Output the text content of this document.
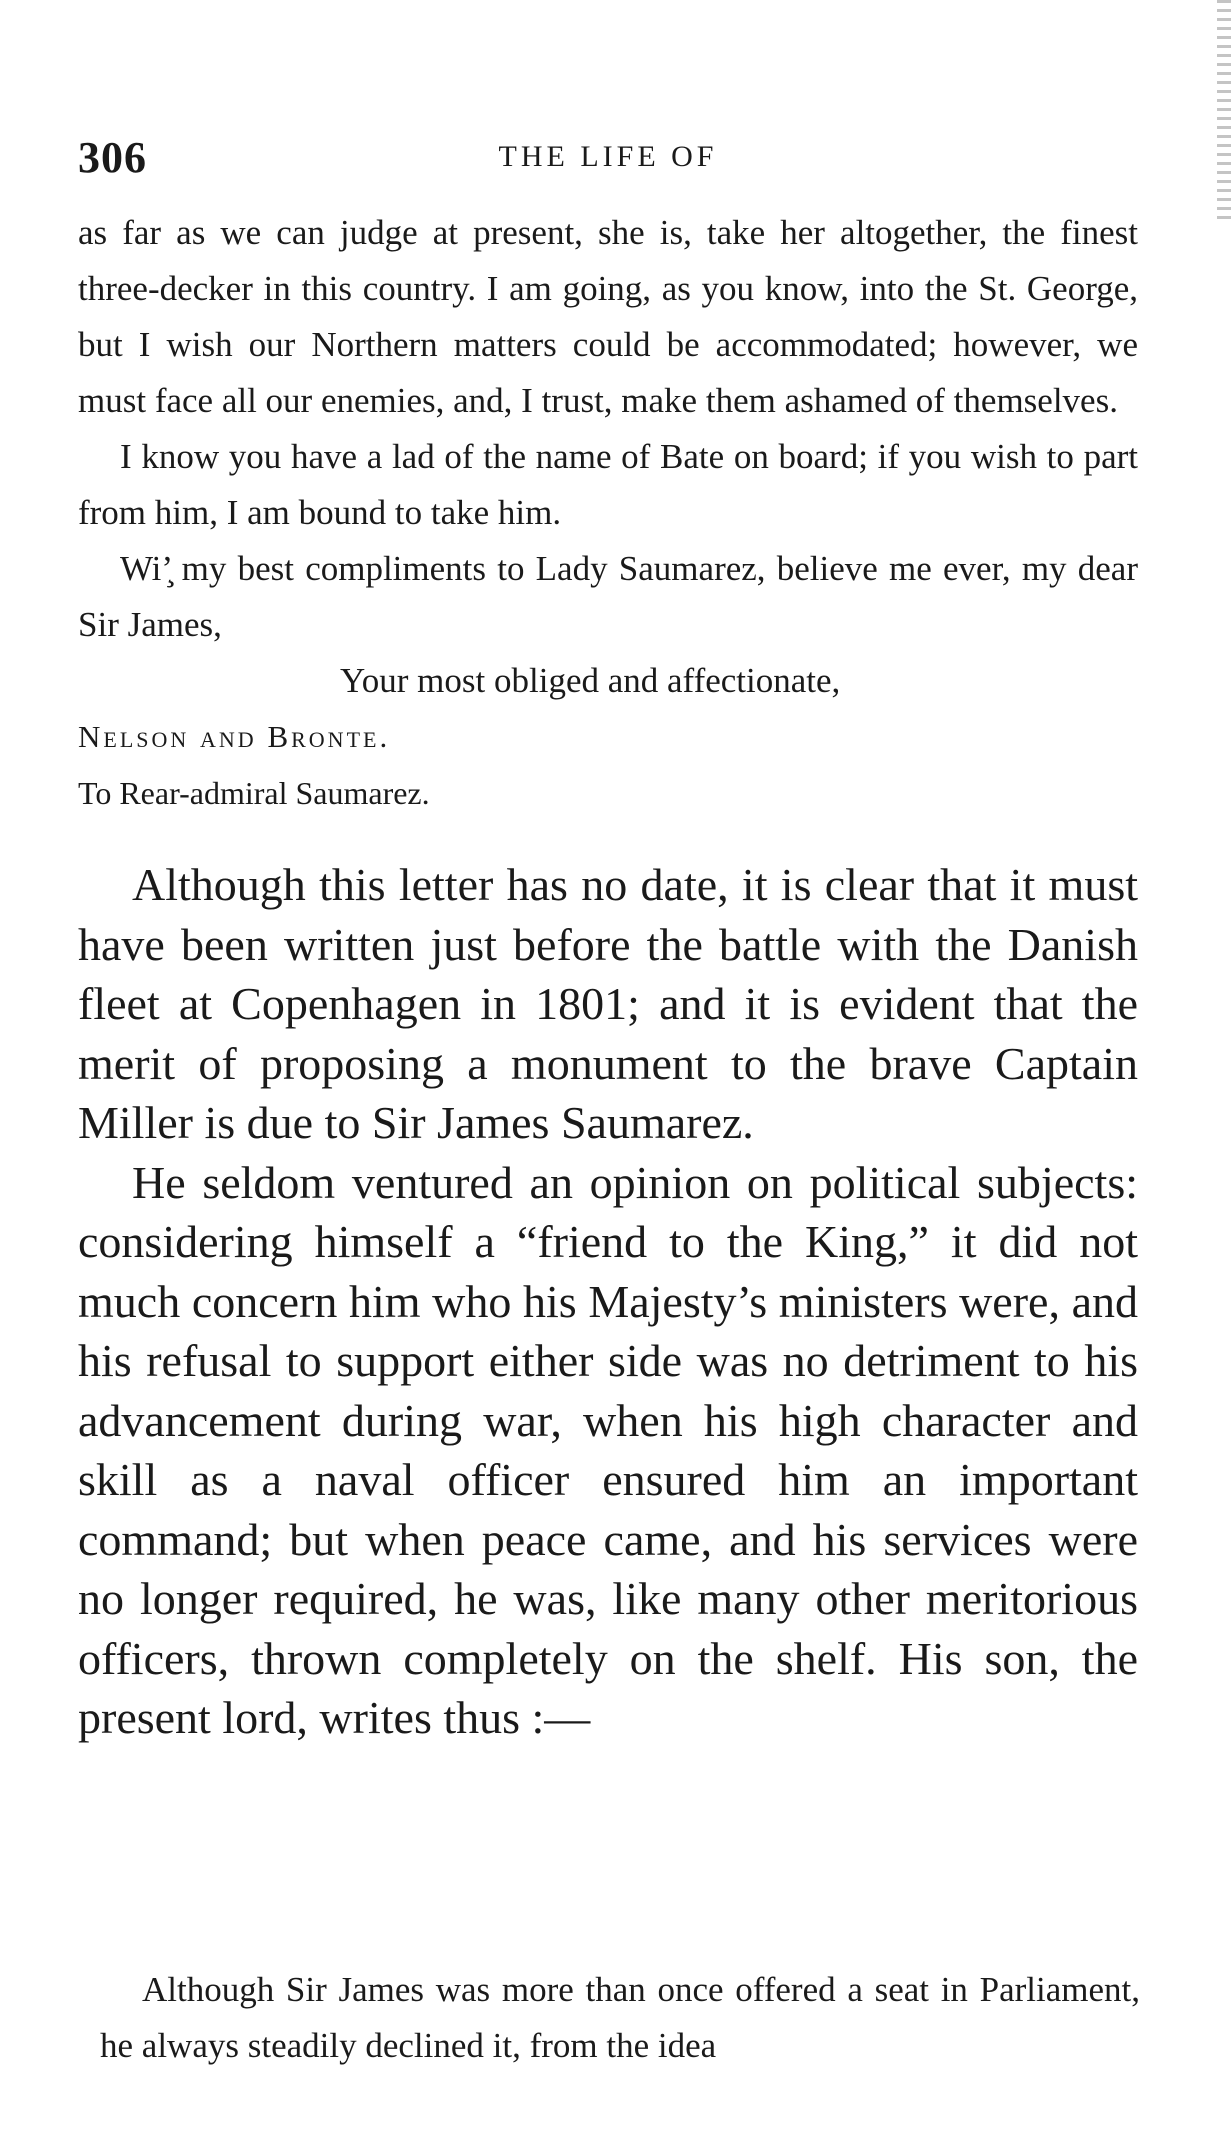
306	THE LIFE OF

as far as we can judge at present, she is, take her altogether, the finest three-decker in this country. I am going, as you know, into the St. George, but I wish our Northern matters could be accommodated; however, we must face all our enemies, and, I trust, make them ashamed of themselves.

I know you have a lad of the name of Bate on board; if you wish to part from him, I am bound to take him.

Wi’̧ my best compliments to Lady Saumarez, believe me ever, my dear Sir James,

Your most obliged and affectionate,

Nelson and Bronte.

To Rear-admiral Saumarez.

Although this letter has no date, it is clear that it must have been written just before the battle with the Danish fleet at Copenhagen in 1801; and it is evident that the merit of proposing a monument to the brave Captain Miller is due to Sir James Saumarez.

He seldom ventured an opinion on political subjects: considering himself a “friend to the King,” it did not much concern him who his Majesty’s ministers were, and his refusal to support either side was no detriment to his advancement during war, when his high character and skill as a naval officer ensured him an important command; but when peace came, and his services were no longer required, he was, like many other meritorious officers, thrown completely on the shelf. His son, the present lord, writes thus :—

Although Sir James was more than once offered a seat in Parliament, he always steadily declined it, from the idea
